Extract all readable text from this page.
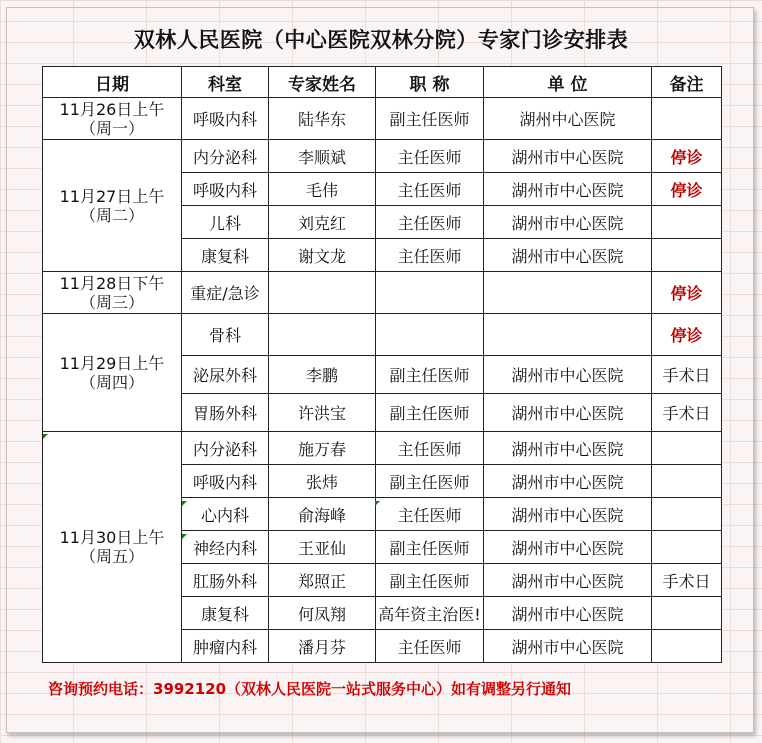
双林人民医院（中心医院双林分院）专家门诊安排表
日期	科室	专家姓名	职 称	单 位	备注

11月26日上午
（周一）	呼吸内科	陆华东	副主任医师	湖州中心医院	

11月27日上午
（周二）	内分泌科	李顺斌	主任医师	湖州市中心医院	停诊
	呼吸内科	毛伟	主任医师	湖州市中心医院	停诊
	儿科	刘克红	主任医师	湖州市中心医院	
	康复科	谢文龙	主任医师	湖州市中心医院	

11月28日下午
（周三）	重症/急诊				停诊

11月29日上午
（周四）	骨科				停诊
	泌尿外科	李鹏	副主任医师	湖州市中心医院	手术日
	胃肠外科	许洪宝	副主任医师	湖州市中心医院	手术日

11月30日上午
（周五）	内分泌科	施万春	主任医师	湖州市中心医院	
	呼吸内科	张炜	副主任医师	湖州市中心医院	
	心内科	俞海峰	主任医师	湖州市中心医院	
	神经内科	王亚仙	副主任医师	湖州市中心医院	
	肛肠外科	郑照正	副主任医师	湖州市中心医院	手术日
	康复科	何凤翔	高年资主治医!	湖州市中心医院	
	肿瘤内科	潘月芬	主任医师	湖州市中心医院	
咨询预约电话：3992120（双林人民医院一站式服务中心）如有调整另行通知
